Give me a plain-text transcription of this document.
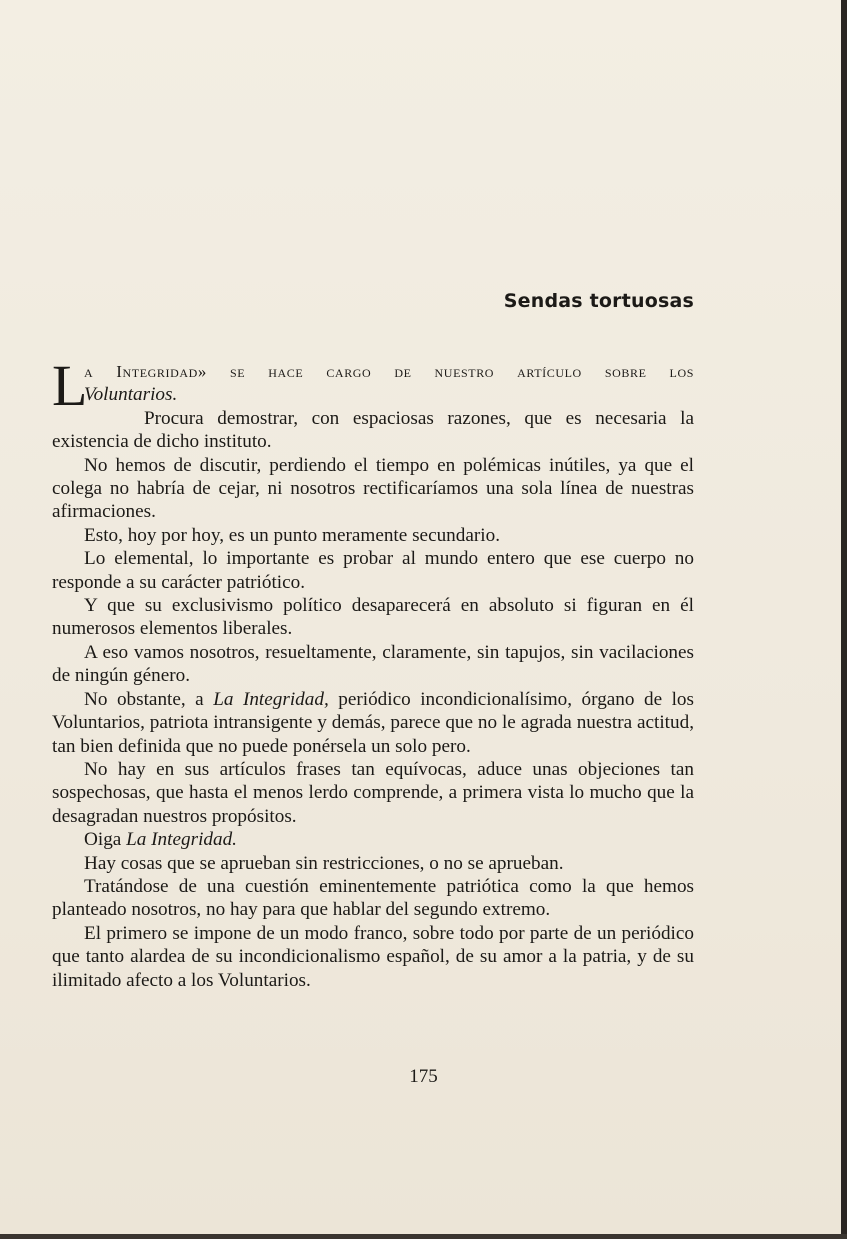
Sendas tortuosas
L
a Integridad» se hace cargo de nuestro artículo sobre los
Voluntarios.

Procura demostrar, con espaciosas razones, que es necesaria la existencia de dicho instituto.

No hemos de discutir, perdiendo el tiempo en polémicas inútiles, ya que el colega no habría de cejar, ni nosotros rectificaríamos una sola línea de nuestras afirmaciones.

Esto, hoy por hoy, es un punto meramente secundario.

Lo elemental, lo importante es probar al mundo entero que ese cuerpo no responde a su carácter patriótico.

Y que su exclusivismo político desaparecerá en absoluto si figuran en él numerosos elementos liberales.

A eso vamos nosotros, resueltamente, claramente, sin tapujos, sin vacilaciones de ningún género.

No obstante, a La Integridad, periódico incondicionalísimo, órgano de los Voluntarios, patriota intransigente y demás, parece que no le agrada nuestra actitud, tan bien definida que no puede ponérsela un solo pero.

No hay en sus artículos frases tan equívocas, aduce unas objeciones tan sospechosas, que hasta el menos lerdo comprende, a primera vista lo mucho que la desagradan nuestros propósitos.

Oiga La Integridad.

Hay cosas que se aprueban sin restricciones, o no se aprueban.

Tratándose de una cuestión eminentemente patriótica como la que hemos planteado nosotros, no hay para que hablar del segundo extremo.

El primero se impone de un modo franco, sobre todo por parte de un periódico que tanto alardea de su incondicionalismo español, de su amor a la patria, y de su ilimitado afecto a los Voluntarios.

175
